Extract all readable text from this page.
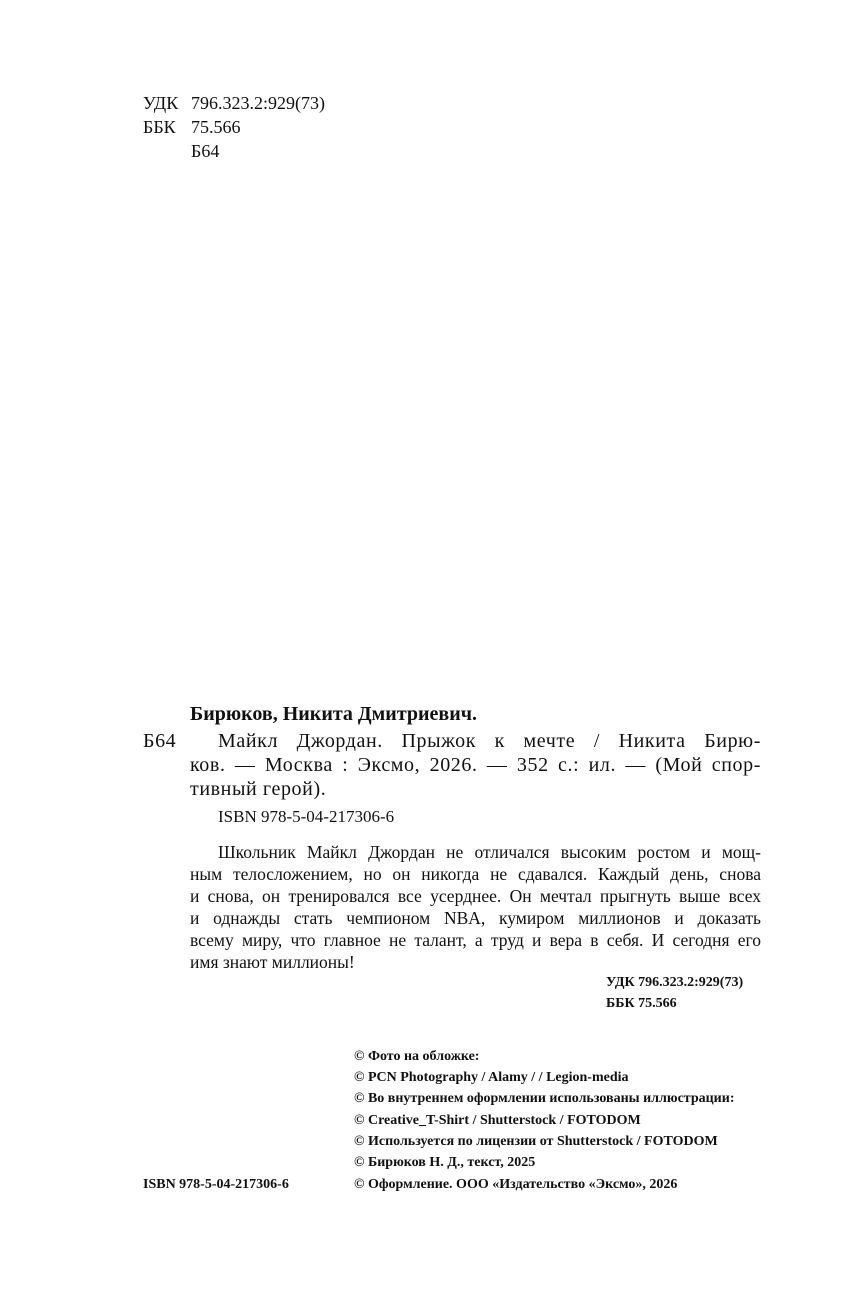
УДК 796.323.2:929(73)
ББК 75.566
Б64
Бирюков, Никита Дмитриевич.
Б64 Майкл Джордан. Прыжок к мечте / Никита Бирю-
ков. — Москва : Эксмо, 2026. — 352 с.: ил. — (Мой спор-
тивный герой).
ISBN 978-5-04-217306-6
Школьник Майкл Джордан не отличался высоким ростом и мощ-
ным телосложением, но он никогда не сдавался. Каждый день, снова
и снова, он тренировался все усерднее. Он мечтал прыгнуть выше всех
и однажды стать чемпионом NBA, кумиром миллионов и доказать
всему миру, что главное не талант, а труд и вера в себя. И сегодня его
имя знают миллионы!
УДК 796.323.2:929(73)
ББК 75.566
© Фото на обложке:
© PCN Photography / Alamy / / Legion-media
© Во внутреннем оформлении использованы иллюстрации:
© Creative_T-Shirt / Shutterstock / FOTODOM
© Используется по лицензии от Shutterstock / FOTODOM
© Бирюков Н. Д., текст, 2025
© Оформление. ООО «Издательство «Эксмо», 2026
ISBN 978-5-04-217306-6
